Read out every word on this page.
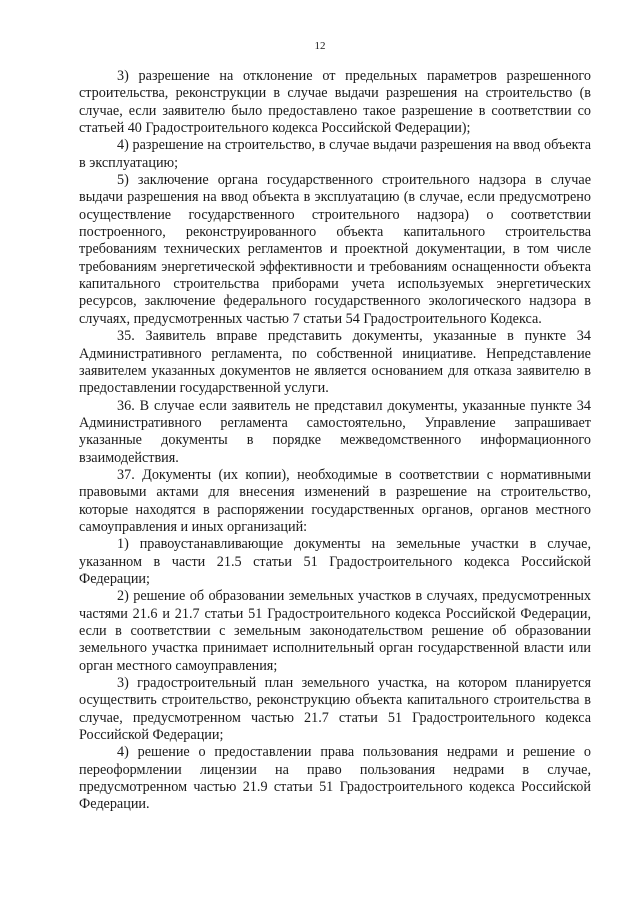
12

3) разрешение на отклонение от предельных параметров разрешенного строительства, реконструкции в случае выдачи разрешения на строительство (в случае, если заявителю было предоставлено такое разрешение в соответствии со статьей 40 Градостроительного кодекса Российской Федерации);

4) разрешение на строительство, в случае выдачи разрешения на ввод объекта в эксплуатацию;

5) заключение органа государственного строительного надзора в случае выдачи разрешения на ввод объекта в эксплуатацию (в случае, если предусмотрено осуществление государственного строительного надзора) о соответствии построенного, реконструированного объекта капитального строительства требованиям технических регламентов и проектной документации, в том числе требованиям энергетической эффективности и требованиям оснащенности объекта капитального строительства приборами учета используемых энергетических ресурсов, заключение федерального государственного экологического надзора в случаях, предусмотренных частью 7 статьи 54 Градостроительного Кодекса.

35. Заявитель вправе представить документы, указанные в пункте 34 Административного регламента, по собственной инициативе. Непредставление заявителем указанных документов не является основанием для отказа заявителю в предоставлении государственной услуги.

36. В случае если заявитель не представил документы, указанные пункте 34 Административного регламента самостоятельно, Управление запрашивает указанные документы в порядке межведомственного информационного взаимодействия.

37. Документы (их копии), необходимые в соответствии с нормативными правовыми актами для внесения изменений в разрешение на строительство, которые находятся в распоряжении государственных органов, органов местного самоуправления и иных организаций:

1) правоустанавливающие документы на земельные участки в случае, указанном в части 21.5 статьи 51 Градостроительного кодекса Российской Федерации;

2) решение об образовании земельных участков в случаях, предусмотренных частями 21.6 и 21.7 статьи 51 Градостроительного кодекса Российской Федерации, если в соответствии с земельным законодательством решение об образовании земельного участка принимает исполнительный орган государственной власти или орган местного самоуправления;

3) градостроительный план земельного участка, на котором планируется осуществить строительство, реконструкцию объекта капитального строительства в случае, предусмотренном частью 21.7 статьи 51 Градостроительного кодекса Российской Федерации;

4) решение о предоставлении права пользования недрами и решение о переоформлении лицензии на право пользования недрами в случае, предусмотренном частью 21.9 статьи 51 Градостроительного кодекса Российской Федерации.
